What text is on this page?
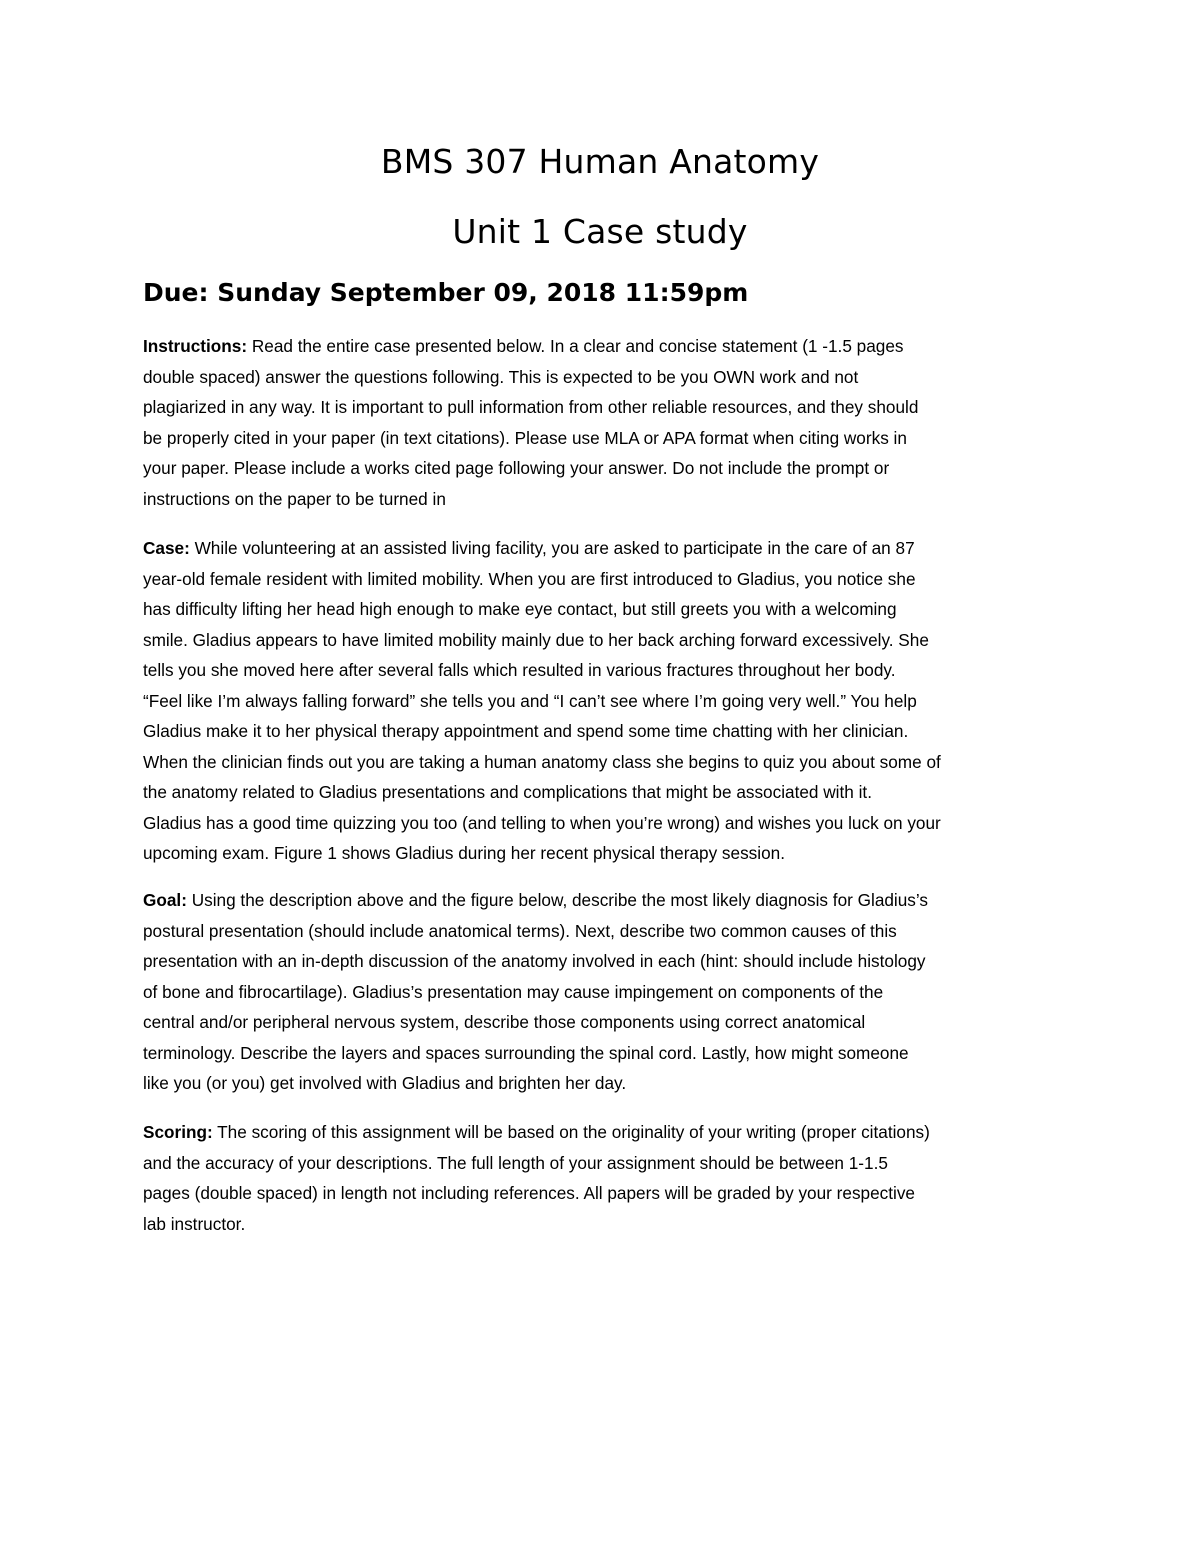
BMS 307 Human Anatomy
Unit 1 Case study
Due: Sunday September 09, 2018 11:59pm

Instructions: Read the entire case presented below. In a clear and concise statement (1 -1.5 pages
double spaced) answer the questions following. This is expected to be you OWN work and not
plagiarized in any way. It is important to pull information from other reliable resources, and they should
be properly cited in your paper (in text citations). Please use MLA or APA format when citing works in
your paper. Please include a works cited page following your answer. Do not include the prompt or
instructions on the paper to be turned in

Case: While volunteering at an assisted living facility, you are asked to participate in the care of an 87
year-old female resident with limited mobility. When you are first introduced to Gladius, you notice she
has difficulty lifting her head high enough to make eye contact, but still greets you with a welcoming
smile. Gladius appears to have limited mobility mainly due to her back arching forward excessively. She
tells you she moved here after several falls which resulted in various fractures throughout her body.
“Feel like I’m always falling forward” she tells you and “I can’t see where I’m going very well.” You help
Gladius make it to her physical therapy appointment and spend some time chatting with her clinician.
When the clinician finds out you are taking a human anatomy class she begins to quiz you about some of
the anatomy related to Gladius presentations and complications that might be associated with it.
Gladius has a good time quizzing you too (and telling to when you’re wrong) and wishes you luck on your
upcoming exam. Figure 1 shows Gladius during her recent physical therapy session.

Goal: Using the description above and the figure below, describe the most likely diagnosis for Gladius’s
postural presentation (should include anatomical terms). Next, describe two common causes of this
presentation with an in-depth discussion of the anatomy involved in each (hint: should include histology
of bone and fibrocartilage). Gladius’s presentation may cause impingement on components of the
central and/or peripheral nervous system, describe those components using correct anatomical
terminology. Describe the layers and spaces surrounding the spinal cord. Lastly, how might someone
like you (or you) get involved with Gladius and brighten her day.

Scoring: The scoring of this assignment will be based on the originality of your writing (proper citations)
and the accuracy of your descriptions. The full length of your assignment should be between 1-1.5
pages (double spaced) in length not including references. All papers will be graded by your respective
lab instructor.
